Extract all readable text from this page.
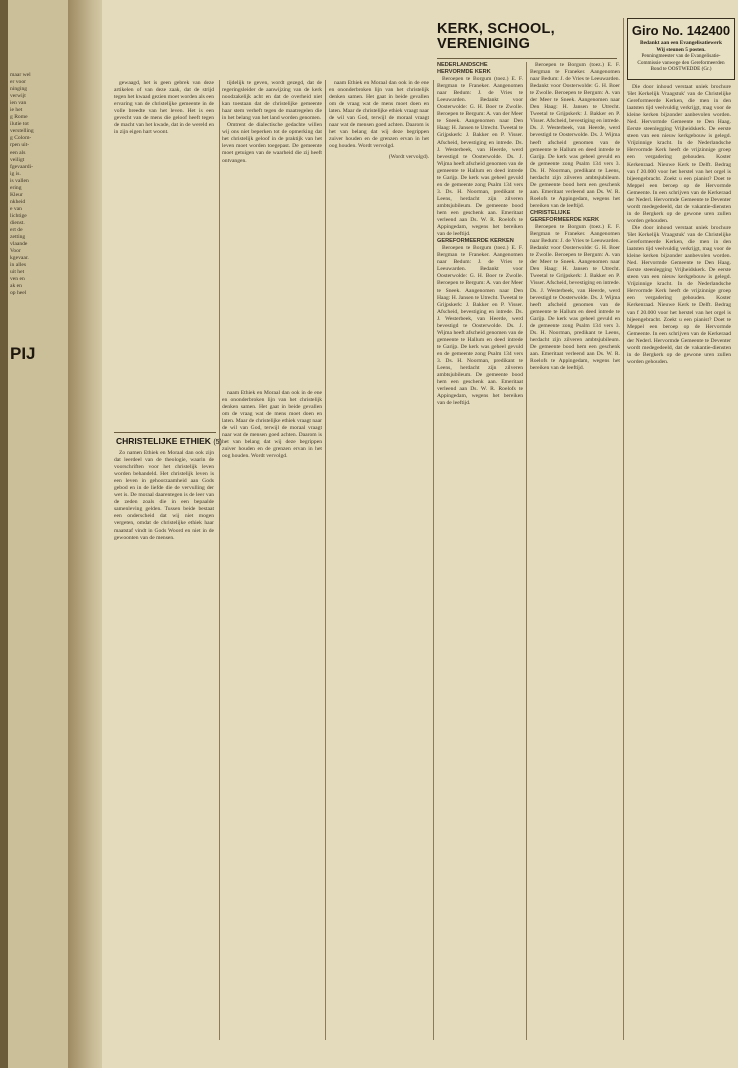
maar wel
er voor
ninging
verwijt
ien van
ie het
g Rome
ilutie tot
verstelling
g Colom-
rpen uit-
een als
veiligt
fgevaardi-
ig is.
is vallen
ering
Kleur
nkheid
e van
lichtige
dienst.
ert de
zetting
vlaande
Voor
kgevaar.
in alles
uit het
ven en
ak en
op heel
PIJ

gewaagd, het is geen gebrek van deze artikelen of van deze zaak, dat de strijd tegen het kwaad gezien moet worden als een ervaring van de christelijke gemeente in de volle breedte van het leven. Het is een gevecht van de mens die geloof heeft tegen de macht van het kwade, dat in de wereld en in zijn eigen hart woont.

tijdelijk te geven, wordt gezegd, dat de regeringsleider de aanwijzing van de kerk noodzakelijk acht en dat de overheid niet kan toestaan dat de christelijke gemeente haar stem verheft tegen de maatregelen die in het belang van het land worden genomen.

Omtrent de dialectische gedachte willen wij ons niet beperken tot de opmerking dat het christelijk geloof in de praktijk van het leven moet worden toegepast. De gemeente moet getuigen van de waarheid die zij heeft ontvangen.

CHRISTELIJKE ETHIEK (5)

Zo namen Ethiek en Moraal dan ook zijn dat leerdeel van de theologie, waarin de voorschriften voor het christelijk leven worden behandeld. Het christelijk leven is een leven in gehoorzaamheid aan Gods gebod en in de liefde die de vervulling der wet is. De moraal daarentegen is de leer van de zeden zoals die in een bepaalde samenleving gelden. Tussen beide bestaat een onderscheid dat wij niet mogen vergeten, omdat de christelijke ethiek haar maatstaf vindt in Gods Woord en niet in de gewoonten van de mensen.

naam Ethiek en Moraal dan ook in de ene en ononderbroken lijn van het christelijk denken samen. Het gaat in beide gevallen om de vraag wat de mens moet doen en laten. Maar de christelijke ethiek vraagt naar de wil van God, terwijl de moraal vraagt naar wat de mensen goed achten. Daarom is het van belang dat wij deze begrippen zuiver houden en de grenzen ervan in het oog houden. Wordt vervolgd.

naam Ethiek en Moraal dan ook in de ene en ononderbroken lijn van het christelijk denken samen. Het gaat in beide gevallen om de vraag wat de mens moet doen en laten. Maar de christelijke ethiek vraagt naar de wil van God, terwijl de moraal vraagt naar wat de mensen goed achten. Daarom is het van belang dat wij deze begrippen zuiver houden en de grenzen ervan in het oog houden. Wordt vervolgd.

(Wordt vervolgd).
KERK, SCHOOL,
VERENIGING

NEDERLANDSCHE HERVORMDE KERK

Beroepen te Borgum (toez.) E. F. Bergman te Franeker. Aangenomen naar Bedum: J. de Vries te Leeuwarden. Bedankt voor Oosterwolde: G. H. Boer te Zwolle. Beroepen te Bergum: A. van der Meer te Sneek. Aangenomen naar Den Haag: H. Jansen te Utrecht. Tweetal te Grijpskerk: J. Bakker en P. Visser. Afscheid, bevestiging en intrede. Ds. J. Westerbeek, van Heerde, werd bevestigd te Oosterwolde. Ds. J. Wijma heeft afscheid genomen van de gemeente te Hallum en deed intrede te Garijp. De kerk was geheel gevuld en de gemeente zong Psalm 134 vers 3. Ds. H. Noorman, predikant te Leens, herdacht zijn zilveren ambtsjubileum. De gemeente bood hem een geschenk aan. Emeritaat verleend aan Ds. W. R. Roelofs te Appingedam, wegens het bereiken van de leeftijd.

GEREFORMEERDE KERKEN

Beroepen te Borgum (toez.) E. F. Bergman te Franeker. Aangenomen naar Bedum: J. de Vries te Leeuwarden. Bedankt voor Oosterwolde: G. H. Boer te Zwolle. Beroepen te Bergum: A. van der Meer te Sneek. Aangenomen naar Den Haag: H. Jansen te Utrecht. Tweetal te Grijpskerk: J. Bakker en P. Visser. Afscheid, bevestiging en intrede. Ds. J. Westerbeek, van Heerde, werd bevestigd te Oosterwolde. Ds. J. Wijma heeft afscheid genomen van de gemeente te Hallum en deed intrede te Garijp. De kerk was geheel gevuld en de gemeente zong Psalm 134 vers 3. Ds. H. Noorman, predikant te Leens, herdacht zijn zilveren ambtsjubileum. De gemeente bood hem een geschenk aan. Emeritaat verleend aan Ds. W. R. Roelofs te Appingedam, wegens het bereiken van de leeftijd.

Beroepen te Borgum (toez.) E. F. Bergman te Franeker. Aangenomen naar Bedum: J. de Vries te Leeuwarden. Bedankt voor Oosterwolde: G. H. Boer te Zwolle. Beroepen te Bergum: A. van der Meer te Sneek. Aangenomen naar Den Haag: H. Jansen te Utrecht. Tweetal te Grijpskerk: J. Bakker en P. Visser. Afscheid, bevestiging en intrede. Ds. J. Westerbeek, van Heerde, werd bevestigd te Oosterwolde. Ds. J. Wijma heeft afscheid genomen van de gemeente te Hallum en deed intrede te Garijp. De kerk was geheel gevuld en de gemeente zong Psalm 134 vers 3. Ds. H. Noorman, predikant te Leens, herdacht zijn zilveren ambtsjubileum. De gemeente bood hem een geschenk aan. Emeritaat verleend aan Ds. W. R. Roelofs te Appingedam, wegens het bereiken van de leeftijd.

CHRISTELIJKE GEREFORMEERDE KERK

Beroepen te Borgum (toez.) E. F. Bergman te Franeker. Aangenomen naar Bedum: J. de Vries te Leeuwarden. Bedankt voor Oosterwolde: G. H. Boer te Zwolle. Beroepen te Bergum: A. van der Meer te Sneek. Aangenomen naar Den Haag: H. Jansen te Utrecht. Tweetal te Grijpskerk: J. Bakker en P. Visser. Afscheid, bevestiging en intrede. Ds. J. Westerbeek, van Heerde, werd bevestigd te Oosterwolde. Ds. J. Wijma heeft afscheid genomen van de gemeente te Hallum en deed intrede te Garijp. De kerk was geheel gevuld en de gemeente zong Psalm 134 vers 3. Ds. H. Noorman, predikant te Leens, herdacht zijn zilveren ambtsjubileum. De gemeente bood hem een geschenk aan. Emeritaat verleend aan Ds. W. R. Roelofs te Appingedam, wegens het bereiken van de leeftijd.

Giro No. 142400
Bedankt aan een Evangelisatiewerk
Wij steunen 5 posten.
Penningmeester van de Evangelisatie-
Commissie vanwege den Gereformeerden
Bond te OOSTWEDDE (Gr.)

Die door inhoud verstaat uniek brochure 'Het Kerkelijk Vraagstuk' van de Christelijke Gereformeerde Kerken, die men in den laatsten tijd veelvuldig verkrijgt, mag voor de kleine kerken bijzonder aanbevolen worden. Ned. Hervormde Gemeente te Den Haag. Eerste steenlegging Vrijheidskerk. De eerste steen van een nieuw kerkgebouw is gelegd. Vrijzinnige kracht. In de Nederlandsche Hervormde Kerk heeft de vrijzinnige groep een vergadering gehouden. Koster Kerkenraad. Nieuwe Kerk te Delft. Bedrag van f 20.000 voor het herstel van het orgel is bijeengebracht. Zoekt u een pianist? Doet te Meppel een beroep op de Hervormde Gemeente. In een schrijven van de Kerkeraad der Nederl. Hervormde Gemeente te Deventer wordt medegedeeld, dat de vakantie-diensten in de Bergkerk op de gewone uren zullen worden gehouden.

Die door inhoud verstaat uniek brochure 'Het Kerkelijk Vraagstuk' van de Christelijke Gereformeerde Kerken, die men in den laatsten tijd veelvuldig verkrijgt, mag voor de kleine kerken bijzonder aanbevolen worden. Ned. Hervormde Gemeente te Den Haag. Eerste steenlegging Vrijheidskerk. De eerste steen van een nieuw kerkgebouw is gelegd. Vrijzinnige kracht. In de Nederlandsche Hervormde Kerk heeft de vrijzinnige groep een vergadering gehouden. Koster Kerkenraad. Nieuwe Kerk te Delft. Bedrag van f 20.000 voor het herstel van het orgel is bijeengebracht. Zoekt u een pianist? Doet te Meppel een beroep op de Hervormde Gemeente. In een schrijven van de Kerkeraad der Nederl. Hervormde Gemeente te Deventer wordt medegedeeld, dat de vakantie-diensten in de Bergkerk op de gewone uren zullen worden gehouden.
